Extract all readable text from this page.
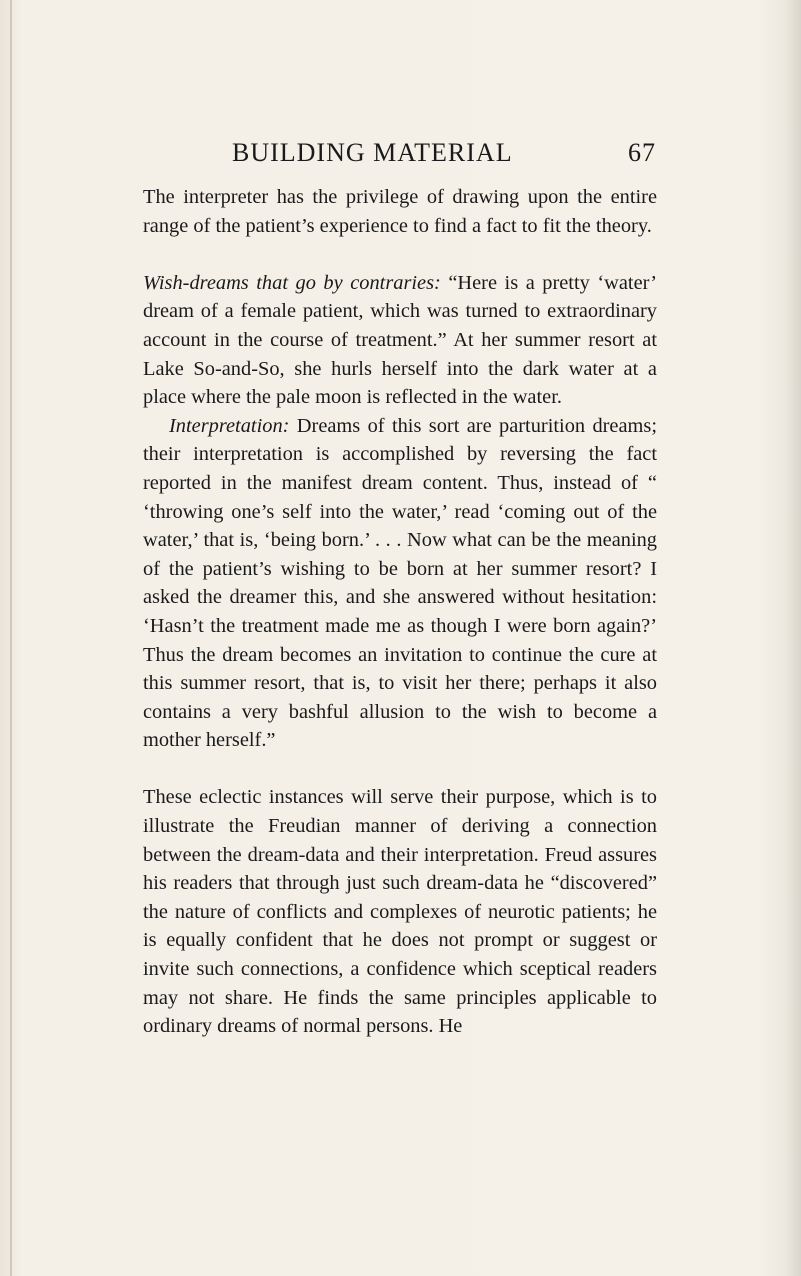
BUILDING MATERIAL	67

The interpreter has the privilege of drawing upon the entire range of the patient’s experience to find a fact to fit the theory.

Wish-dreams that go by contraries: “Here is a pretty ‘water’ dream of a female patient, which was turned to extraordinary account in the course of treatment.” At her summer resort at Lake So-and-So, she hurls herself into the dark water at a place where the pale moon is reflected in the water.

Interpretation: Dreams of this sort are parturition dreams; their interpretation is accomplished by reversing the fact reported in the manifest dream content. Thus, instead of “ ‘throwing one’s self into the water,’ read ‘coming out of the water,’ that is, ‘being born.’ . . . Now what can be the meaning of the patient’s wishing to be born at her summer resort? I asked the dreamer this, and she answered without hesitation: ‘Hasn’t the treatment made me as though I were born again?’ Thus the dream becomes an invitation to continue the cure at this summer resort, that is, to visit her there; perhaps it also contains a very bashful allusion to the wish to become a mother herself.”

These eclectic instances will serve their purpose, which is to illustrate the Freudian manner of deriving a connection between the dream-data and their interpretation. Freud assures his readers that through just such dream-data he “discovered” the nature of conflicts and complexes of neurotic patients; he is equally confident that he does not prompt or suggest or invite such connections, a confidence which sceptical readers may not share. He finds the same principles applicable to ordinary dreams of normal persons. He
